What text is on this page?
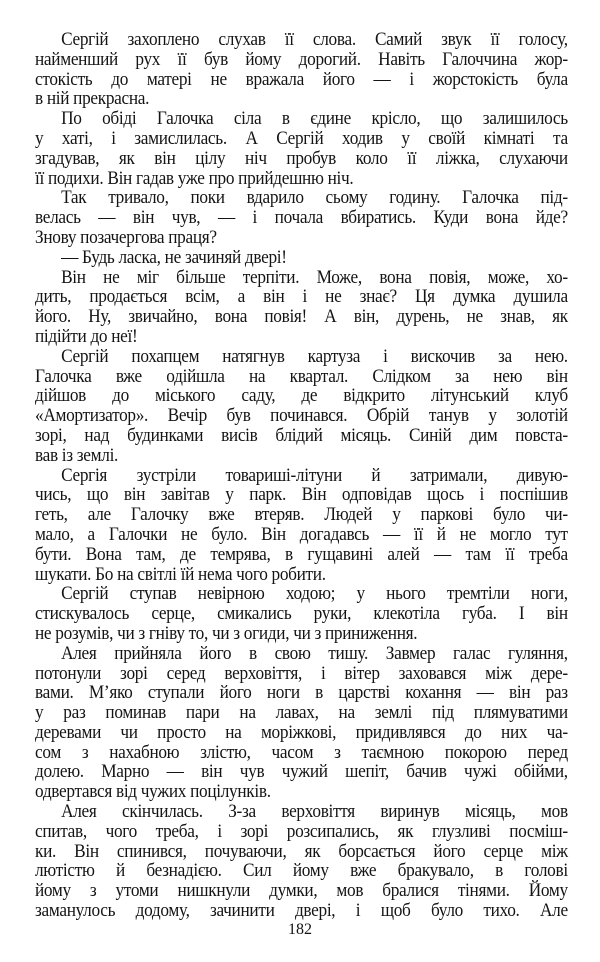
Сергій захоплено слухав її слова. Самий звук її голосу,
найменший рух її був йому дорогий. Навіть Галоччина жор-
стокість до матері не вражала його — і жорстокість була
в ній прекрасна.
По обіді Галочка сіла в єдине крісло, що залишилось
у хаті, і замислилась. А Сергій ходив у своїй кімнаті та
згадував, як він цілу ніч пробув коло її ліжка, слухаючи
її подихи. Він гадав уже про прийдешню ніч.
Так тривало, поки вдарило сьому годину. Галочка під-
велась — він чув, — і почала вбиратись. Куди вона йде?
Знову позачергова праця?
— Будь ласка, не зачиняй двері!
Він не міг більше терпіти. Може, вона повія, може, хо-
дить, продається всім, а він і не знає? Ця думка душила
його. Ну, звичайно, вона повія! А він, дурень, не знав, як
підійти до неї!
Сергій похапцем натягнув картуза і вискочив за нею.
Галочка вже одійшла на квартал. Слідком за нею він
дійшов до міського саду, де відкрито літунський клуб
«Амортизатор». Вечір був починався. Обрій танув у золотій
зорі, над будинками висів блідий місяць. Синій дим повста-
вав із землі.
Сергія зустріли товариші-літуни й затримали, дивую-
чись, що він завітав у парк. Він одповідав щось і поспішив
геть, але Галочку вже втеряв. Людей у паркові було чи-
мало, а Галочки не було. Він догадавсь — її й не могло тут
бути. Вона там, де темрява, в гущавині алей — там її треба
шукати. Бо на світлі їй нема чого робити.
Сергій ступав невірною ходою; у нього тремтіли ноги,
стискувалось серце, смикались руки, клекотіла губа. І він
не розумів, чи з гніву то, чи з огиди, чи з приниження.
Алея прийняла його в свою тишу. Завмер галас гуляння,
потонули зорі серед верховіття, і вітер заховався між дере-
вами. М’яко ступали його ноги в царстві кохання — він раз
у раз поминав пари на лавах, на землі під плямуватими
деревами чи просто на моріжкові, придивлявся до них ча-
сом з нахабною злістю, часом з таємною покорою перед
долею. Марно — він чув чужий шепіт, бачив чужі обійми,
одвертався від чужих поцілунків.
Алея скінчилась. З-за верховіття виринув місяць, мов
спитав, чого треба, і зорі розсипались, як глузливі посміш-
ки. Він спинився, почуваючи, як борсається його серце між
лютістю й безнадією. Сил йому вже бракувало, в голові
йому з утоми нишкнули думки, мов бралися тінями. Йому
заманулось додому, зачинити двері, і щоб було тихо. Але
182
